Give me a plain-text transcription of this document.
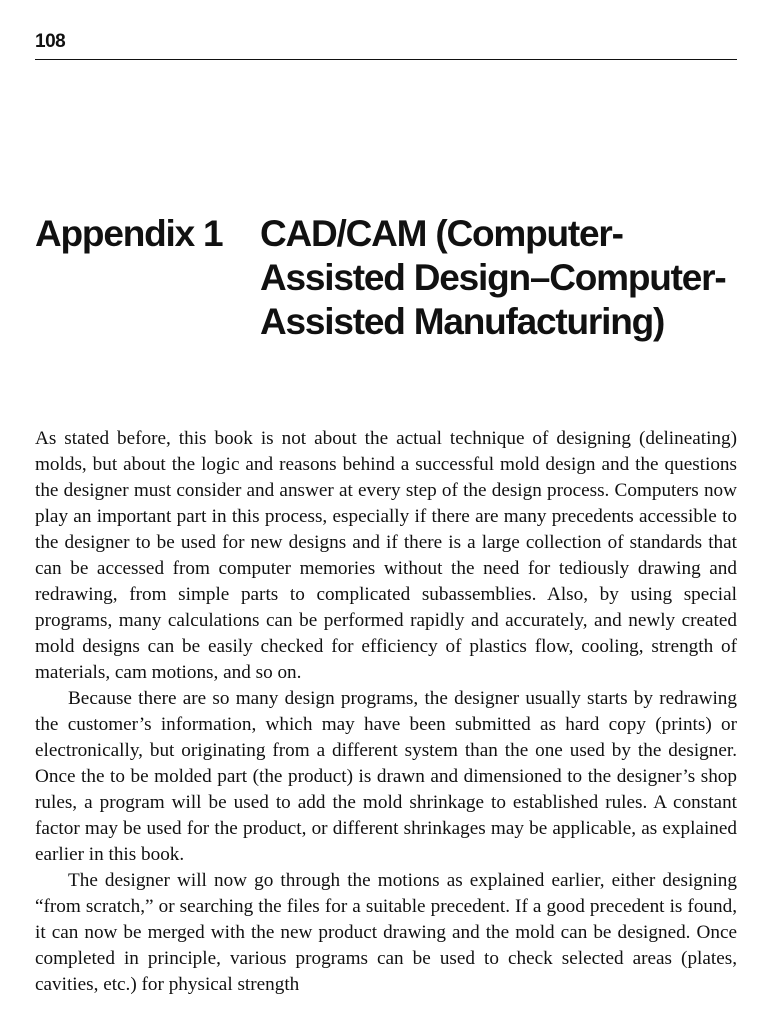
108
Appendix 1 CAD/CAM (Computer-
Assisted Design–Computer-
Assisted Manufacturing)

As stated before, this book is not about the actual technique of designing (delineating) molds, but about the logic and reasons behind a successful mold design and the questions the designer must consider and answer at every step of the design process. Computers now play an important part in this process, especially if there are many precedents accessible to the designer to be used for new designs and if there is a large collection of standards that can be accessed from computer memories without the need for tediously drawing and redrawing, from simple parts to complicated subassemblies. Also, by using special programs, many calculations can be performed rapidly and accurately, and newly created mold designs can be easily checked for efficiency of plastics flow, cooling, strength of materials, cam motions, and so on.

Because there are so many design programs, the designer usually starts by redrawing the customer’s information, which may have been submitted as hard copy (prints) or electronically, but originating from a different system than the one used by the designer. Once the to be molded part (the product) is drawn and dimensioned to the designer’s shop rules, a program will be used to add the mold shrinkage to established rules. A constant factor may be used for the product, or different shrinkages may be applicable, as explained earlier in this book.

The designer will now go through the motions as explained earlier, either designing “from scratch,” or searching the files for a suitable precedent. If a good precedent is found, it can now be merged with the new product drawing and the mold can be designed. Once completed in principle, various programs can be used to check selected areas (plates, cavities, etc.) for physical strength
